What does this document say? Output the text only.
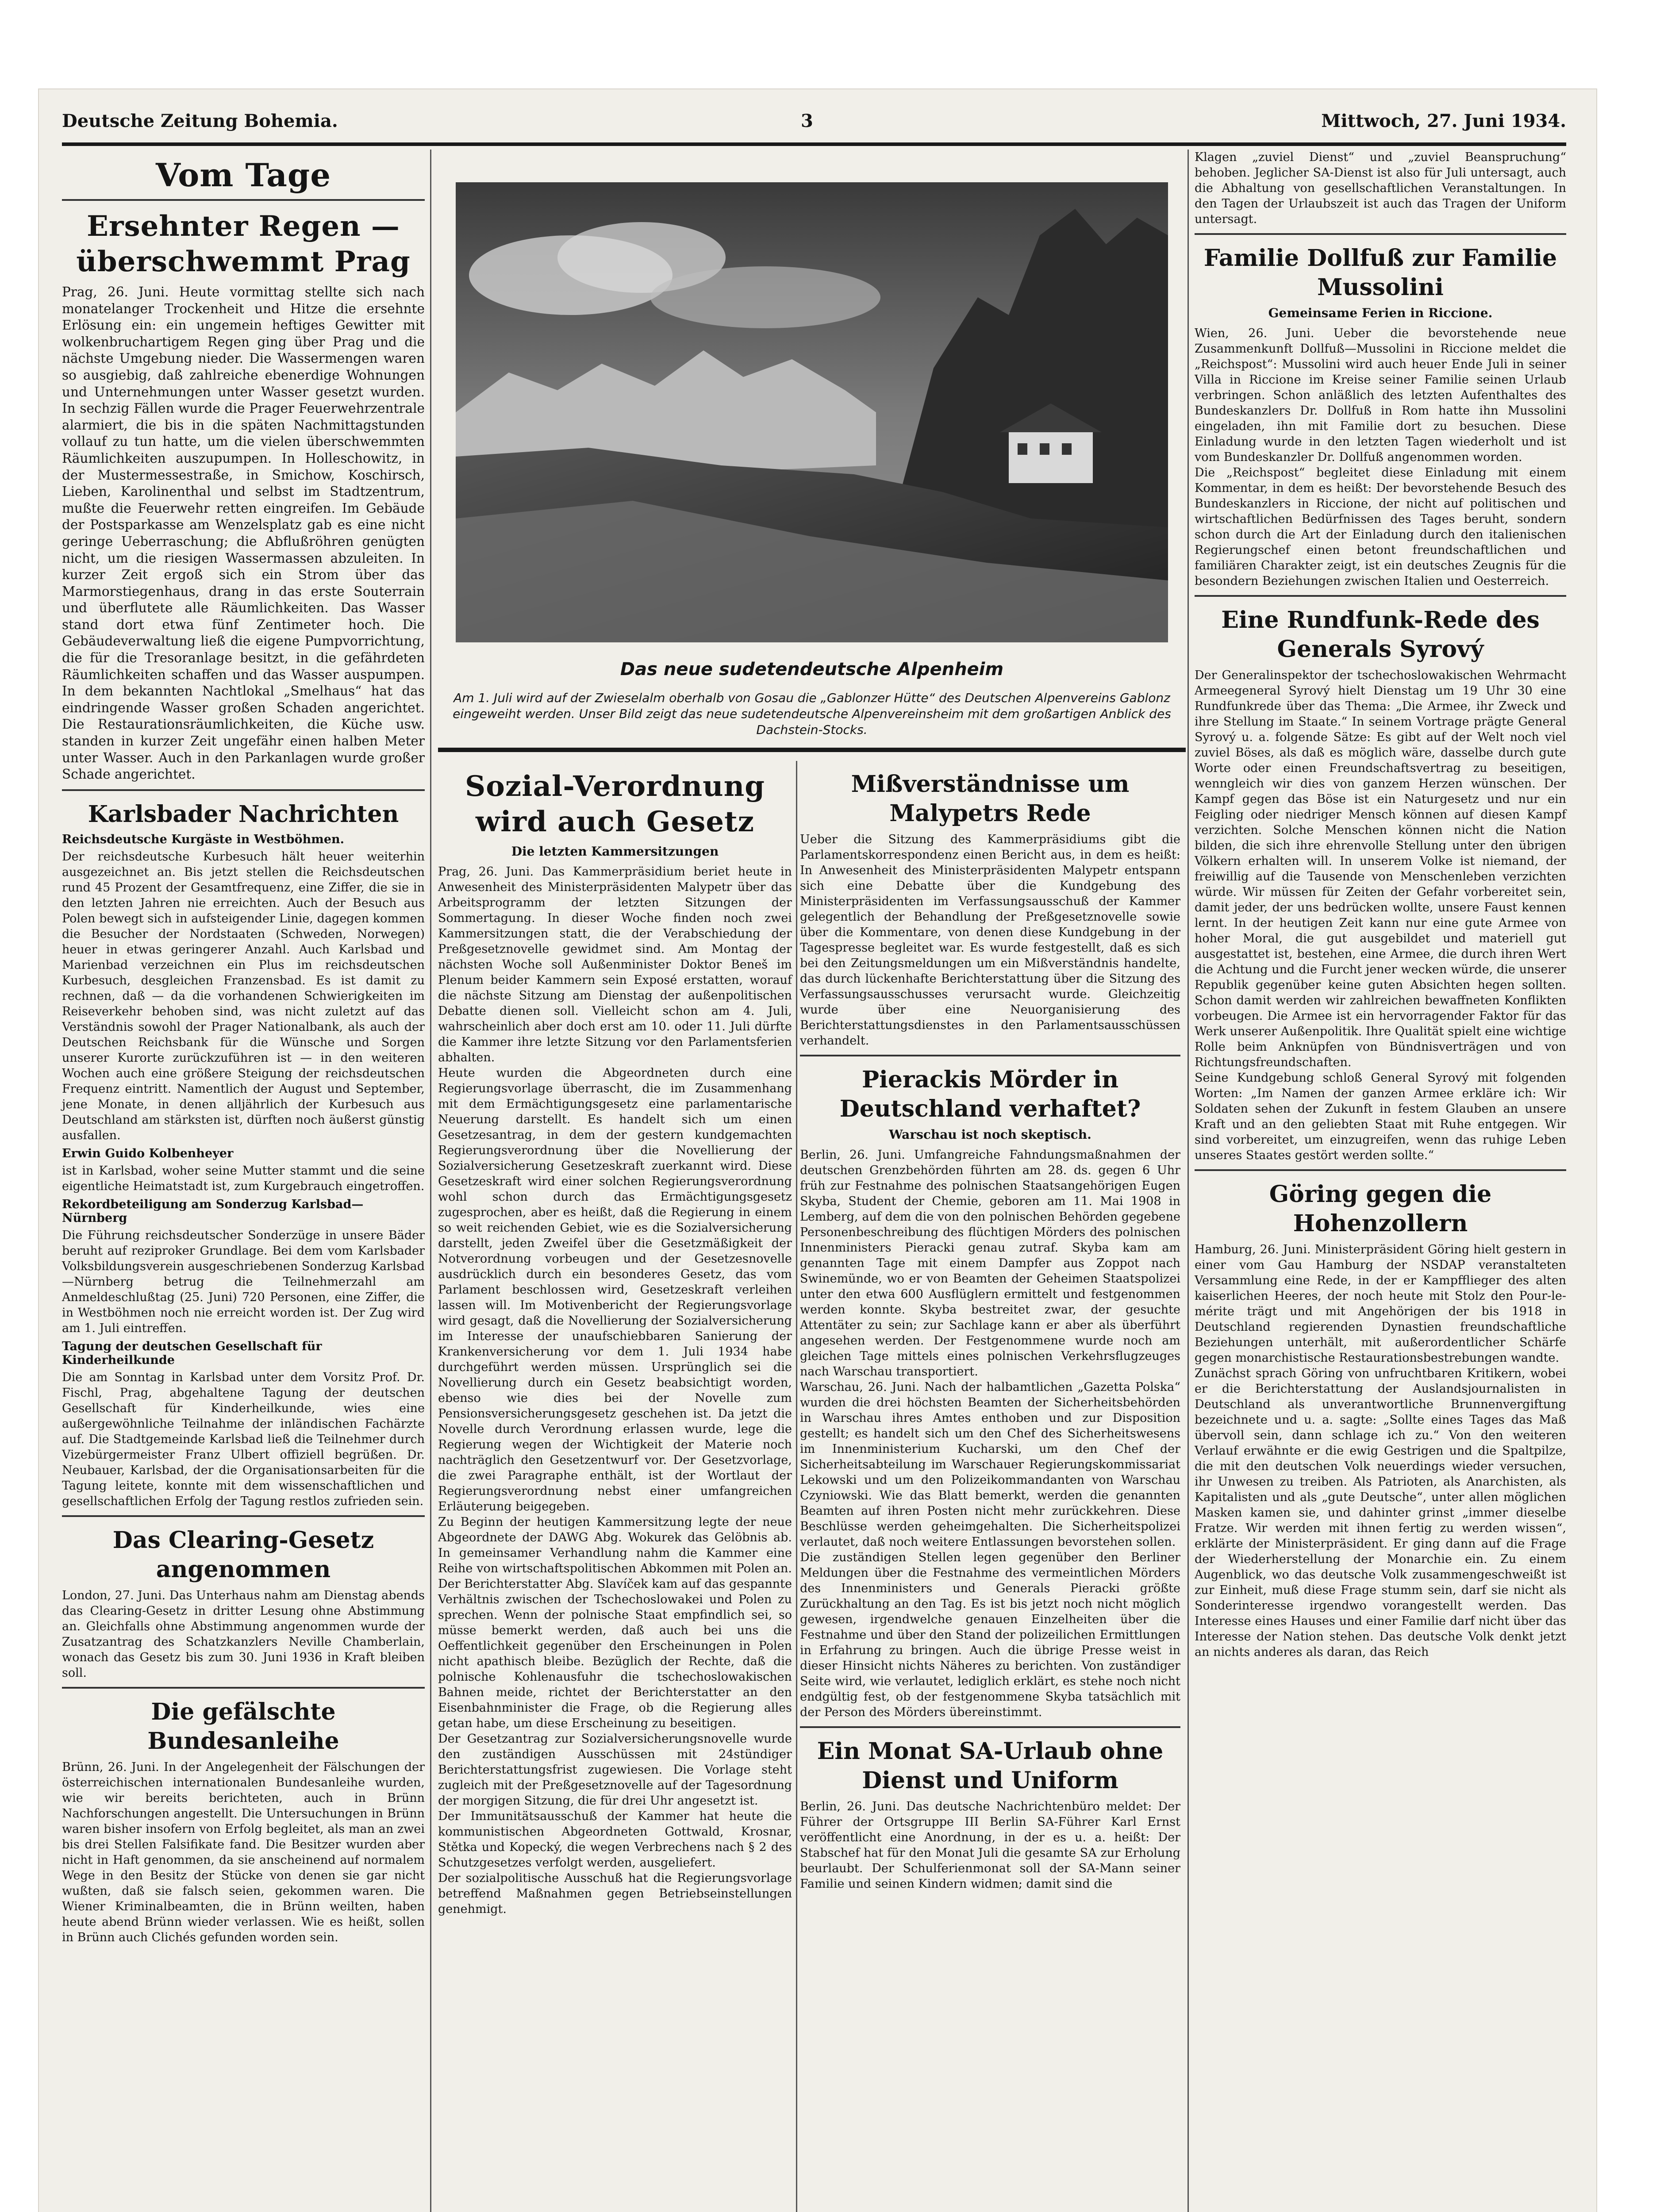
Deutsche Zeitung Bohemia.	3	Mittwoch, 27. Juni 1934.
Vom Tage
Ersehnter Regen — überschwemmt Prag

Prag, 26. Juni. Heute vormittag stellte sich nach monatelanger Trockenheit und Hitze die ersehnte Erlösung ein: ein ungemein heftiges Gewitter mit wolkenbruchartigem Regen ging über Prag und die nächste Umgebung nieder. Die Wassermengen waren so ausgiebig, daß zahlreiche ebenerdige Wohnungen und Unternehmungen unter Wasser gesetzt wurden. In sechzig Fällen wurde die Prager Feuerwehrzentrale alarmiert, die bis in die späten Nachmittagstunden vollauf zu tun hatte, um die vielen überschwemmten Räumlichkeiten auszupumpen. In Holleschowitz, in der Mustermessestraße, in Smichow, Koschirsch, Lieben, Karolinenthal und selbst im Stadtzentrum, mußte die Feuerwehr retten eingreifen. Im Gebäude der Postsparkasse am Wenzelsplatz gab es eine nicht geringe Ueberraschung; die Abflußröhren genügten nicht, um die riesigen Wassermassen abzuleiten. In kurzer Zeit ergoß sich ein Strom über das Marmorstiegenhaus, drang in das erste Souterrain und überflutete alle Räumlichkeiten. Das Wasser stand dort etwa fünf Zentimeter hoch. Die Gebäudeverwaltung ließ die eigene Pumpvorrichtung, die für die Tresoranlage besitzt, in die gefährdeten Räumlichkeiten schaffen und das Wasser auspumpen. In dem bekannten Nachtlokal „Smelhaus“ hat das eindringende Wasser großen Schaden angerichtet. Die Restaurationsräumlichkeiten, die Küche usw. standen in kurzer Zeit ungefähr einen halben Meter unter Wasser. Auch in den Parkanlagen wurde großer Schade angerichtet.

Karlsbader Nachrichten
Reichsdeutsche Kurgäste in Westböhmen.

Der reichsdeutsche Kurbesuch hält heuer weiterhin ausgezeichnet an. Bis jetzt stellen die Reichsdeutschen rund 45 Prozent der Gesamtfrequenz, eine Ziffer, die sie in den letzten Jahren nie erreichten. Auch der Besuch aus Polen bewegt sich in aufsteigender Linie, dagegen kommen die Besucher der Nordstaaten (Schweden, Norwegen) heuer in etwas geringerer Anzahl. Auch Karlsbad und Marienbad verzeichnen ein Plus im reichsdeutschen Kurbesuch, desgleichen Franzensbad. Es ist damit zu rechnen, daß — da die vorhandenen Schwierigkeiten im Reiseverkehr behoben sind, was nicht zuletzt auf das Verständnis sowohl der Prager Nationalbank, als auch der Deutschen Reichsbank für die Wünsche und Sorgen unserer Kurorte zurückzuführen ist — in den weiteren Wochen auch eine größere Steigung der reichsdeutschen Frequenz eintritt. Namentlich der August und September, jene Monate, in denen alljährlich der Kurbesuch aus Deutschland am stärksten ist, dürften noch äußerst günstig ausfallen.

Erwin Guido Kolbenheyer

ist in Karlsbad, woher seine Mutter stammt und die seine eigentliche Heimatstadt ist, zum Kurgebrauch eingetroffen.

Rekordbeteiligung am Sonderzug Karlsbad—Nürnberg

Die Führung reichsdeutscher Sonderzüge in unsere Bäder beruht auf reziproker Grundlage. Bei dem vom Karlsbader Volksbildungsverein ausgeschriebenen Sonderzug Karlsbad—Nürnberg betrug die Teilnehmerzahl am Anmeldeschlußtag (25. Juni) 720 Personen, eine Ziffer, die in Westböhmen noch nie erreicht worden ist. Der Zug wird am 1. Juli eintreffen.

Tagung der deutschen Gesellschaft für Kinderheilkunde

Die am Sonntag in Karlsbad unter dem Vorsitz Prof. Dr. Fischl, Prag, abgehaltene Tagung der deutschen Gesellschaft für Kinderheilkunde, wies eine außergewöhnliche Teilnahme der inländischen Fachärzte auf. Die Stadtgemeinde Karlsbad ließ die Teilnehmer durch Vizebürgermeister Franz Ulbert offiziell begrüßen. Dr. Neubauer, Karlsbad, der die Organisationsarbeiten für die Tagung leitete, konnte mit dem wissenschaftlichen und gesellschaftlichen Erfolg der Tagung restlos zufrieden sein.

Das Clearing-Gesetz angenommen

London, 27. Juni. Das Unterhaus nahm am Dienstag abends das Clearing-Gesetz in dritter Lesung ohne Abstimmung an. Gleichfalls ohne Abstimmung angenommen wurde der Zusatzantrag des Schatzkanzlers Neville Chamberlain, wonach das Gesetz bis zum 30. Juni 1936 in Kraft bleiben soll.

Die gefälschte Bundesanleihe

Brünn, 26. Juni. In der Angelegenheit der Fälschungen der österreichischen internationalen Bundesanleihe wurden, wie wir bereits berichteten, auch in Brünn Nachforschungen angestellt. Die Untersuchungen in Brünn waren bisher insofern von Erfolg begleitet, als man an zwei bis drei Stellen Falsifikate fand. Die Besitzer wurden aber nicht in Haft genommen, da sie anscheinend auf normalem Wege in den Besitz der Stücke von denen sie gar nicht wußten, daß sie falsch seien, gekommen waren. Die Wiener Kriminalbeamten, die in Brünn weilten, haben heute abend Brünn wieder verlassen. Wie es heißt, sollen in Brünn auch Clichés gefunden worden sein.

Das neue sudetendeutsche Alpenheim
Am 1. Juli wird auf der Zwieselalm oberhalb von Gosau die „Gablonzer Hütte“ des Deutschen Alpenvereins Gablonz eingeweiht werden. Unser Bild zeigt das neue sudetendeutsche Alpenvereinsheim mit dem großartigen Anblick des Dachstein-Stocks.
Sozial-Verordnung wird auch Gesetz
Die letzten Kammersitzungen

Prag, 26. Juni. Das Kammerpräsidium beriet heute in Anwesenheit des Ministerpräsidenten Malypetr über das Arbeitsprogramm der letzten Sitzungen der Sommertagung. In dieser Woche finden noch zwei Kammersitzungen statt, die der Verabschiedung der Preßgesetznovelle gewidmet sind. Am Montag der nächsten Woche soll Außenminister Doktor Beneš im Plenum beider Kammern sein Exposé erstatten, worauf die nächste Sitzung am Dienstag der außenpolitischen Debatte dienen soll. Vielleicht schon am 4. Juli, wahrscheinlich aber doch erst am 10. oder 11. Juli dürfte die Kammer ihre letzte Sitzung vor den Parlamentsferien abhalten.

Heute wurden die Abgeordneten durch eine Regierungsvorlage überrascht, die im Zusammenhang mit dem Ermächtigungsgesetz eine parlamentarische Neuerung darstellt. Es handelt sich um einen Gesetzesantrag, in dem der gestern kundgemachten Regierungsverordnung über die Novellierung der Sozialversicherung Gesetzeskraft zuerkannt wird. Diese Gesetzeskraft wird einer solchen Regierungsverordnung wohl schon durch das Ermächtigungsgesetz zugesprochen, aber es heißt, daß die Regierung in einem so weit reichenden Gebiet, wie es die Sozialversicherung darstellt, jeden Zweifel über die Gesetzmäßigkeit der Notverordnung vorbeugen und der Gesetzesnovelle ausdrücklich durch ein besonderes Gesetz, das vom Parlament beschlossen wird, Gesetzeskraft verleihen lassen will. Im Motivenbericht der Regierungsvorlage wird gesagt, daß die Novellierung der Sozialversicherung im Interesse der unaufschiebbaren Sanierung der Krankenversicherung vor dem 1. Juli 1934 habe durchgeführt werden müssen. Ursprünglich sei die Novellierung durch ein Gesetz beabsichtigt worden, ebenso wie dies bei der Novelle zum Pensionsversicherungsgesetz geschehen ist. Da jetzt die Novelle durch Verordnung erlassen wurde, lege die Regierung wegen der Wichtigkeit der Materie noch nachträglich den Gesetzentwurf vor. Der Gesetzvorlage, die zwei Paragraphe enthält, ist der Wortlaut der Regierungsverordnung nebst einer umfangreichen Erläuterung beigegeben.

Zu Beginn der heutigen Kammersitzung legte der neue Abgeordnete der DAWG Abg. Wokurek das Gelöbnis ab. In gemeinsamer Verhandlung nahm die Kammer eine Reihe von wirtschaftspolitischen Abkommen mit Polen an. Der Berichterstatter Abg. Slavíček kam auf das gespannte Verhältnis zwischen der Tschechoslowakei und Polen zu sprechen. Wenn der polnische Staat empfindlich sei, so müsse bemerkt werden, daß auch bei uns die Oeffentlichkeit gegenüber den Erscheinungen in Polen nicht apathisch bleibe. Bezüglich der Rechte, daß die polnische Kohlenausfuhr die tschechoslowakischen Bahnen meide, richtet der Berichterstatter an den Eisenbahnminister die Frage, ob die Regierung alles getan habe, um diese Erscheinung zu beseitigen.

Der Gesetzantrag zur Sozialversicherungsnovelle wurde den zuständigen Ausschüssen mit 24stündiger Berichterstattungsfrist zugewiesen. Die Vorlage steht zugleich mit der Preßgesetznovelle auf der Tagesordnung der morgigen Sitzung, die für drei Uhr angesetzt ist.

Der Immunitätsausschuß der Kammer hat heute die kommunistischen Abgeordneten Gottwald, Krosnar, Stětka und Kopecký, die wegen Verbrechens nach § 2 des Schutzgesetzes verfolgt werden, ausgeliefert.

Der sozialpolitische Ausschuß hat die Regierungsvorlage betreffend Maßnahmen gegen Betriebseinstellungen genehmigt.

Mißverständnisse um Malypetrs Rede

Ueber die Sitzung des Kammerpräsidiums gibt die Parlamentskorrespondenz einen Bericht aus, in dem es heißt: In Anwesenheit des Ministerpräsidenten Malypetr entspann sich eine Debatte über die Kundgebung des Ministerpräsidenten im Verfassungsausschuß der Kammer gelegentlich der Behandlung der Preßgesetznovelle sowie über die Kommentare, von denen diese Kundgebung in der Tagespresse begleitet war. Es wurde festgestellt, daß es sich bei den Zeitungsmeldungen um ein Mißverständnis handelte, das durch lückenhafte Berichterstattung über die Sitzung des Verfassungsausschusses verursacht wurde. Gleichzeitig wurde über eine Neuorganisierung des Berichterstattungsdienstes in den Parlamentsausschüssen verhandelt.

Pierackis Mörder in Deutschland verhaftet?
Warschau ist noch skeptisch.

Berlin, 26. Juni. Umfangreiche Fahndungsmaßnahmen der deutschen Grenzbehörden führten am 28. ds. gegen 6 Uhr früh zur Festnahme des polnischen Staatsangehörigen Eugen Skyba, Student der Chemie, geboren am 11. Mai 1908 in Lemberg, auf dem die von den polnischen Behörden gegebene Personenbeschreibung des flüchtigen Mörders des polnischen Innenministers Pieracki genau zutraf. Skyba kam am genannten Tage mit einem Dampfer aus Zoppot nach Swinemünde, wo er von Beamten der Geheimen Staatspolizei unter den etwa 600 Ausflüglern ermittelt und festgenommen werden konnte. Skyba bestreitet zwar, der gesuchte Attentäter zu sein; zur Sachlage kann er aber als überführt angesehen werden. Der Festgenommene wurde noch am gleichen Tage mittels eines polnischen Verkehrsflugzeuges nach Warschau transportiert.

Warschau, 26. Juni. Nach der halbamtlichen „Gazetta Polska“ wurden die drei höchsten Beamten der Sicherheitsbehörden in Warschau ihres Amtes enthoben und zur Disposition gestellt; es handelt sich um den Chef des Sicherheitswesens im Innenministerium Kucharski, um den Chef der Sicherheitsabteilung im Warschauer Regierungskommissariat Lekowski und um den Polizeikommandanten von Warschau Czyniowski. Wie das Blatt bemerkt, werden die genannten Beamten auf ihren Posten nicht mehr zurückkehren. Diese Beschlüsse werden geheimgehalten. Die Sicherheitspolizei verlautet, daß noch weitere Entlassungen bevorstehen sollen.

Die zuständigen Stellen legen gegenüber den Berliner Meldungen über die Festnahme des vermeintlichen Mörders des Innenministers und Generals Pieracki größte Zurückhaltung an den Tag. Es ist bis jetzt noch nicht möglich gewesen, irgendwelche genauen Einzelheiten über die Festnahme und über den Stand der polizeilichen Ermittlungen in Erfahrung zu bringen. Auch die übrige Presse weist in dieser Hinsicht nichts Näheres zu berichten. Von zuständiger Seite wird, wie verlautet, lediglich erklärt, es stehe noch nicht endgültig fest, ob der festgenommene Skyba tatsächlich mit der Person des Mörders übereinstimmt.

Ein Monat SA-Urlaub ohne Dienst und Uniform

Berlin, 26. Juni. Das deutsche Nachrichtenbüro meldet: Der Führer der Ortsgruppe III Berlin SA-Führer Karl Ernst veröffentlicht eine Anordnung, in der es u. a. heißt: Der Stabschef hat für den Monat Juli die gesamte SA zur Erholung beurlaubt. Der Schulferienmonat soll der SA-Mann seiner Familie und seinen Kindern widmen; damit sind die

Klagen „zuviel Dienst“ und „zuviel Beanspruchung“ behoben. Jeglicher SA-Dienst ist also für Juli untersagt, auch die Abhaltung von gesellschaftlichen Veranstaltungen. In den Tagen der Urlaubszeit ist auch das Tragen der Uniform untersagt.

Familie Dollfuß zur Familie Mussolini
Gemeinsame Ferien in Riccione.

Wien, 26. Juni. Ueber die bevorstehende neue Zusammenkunft Dollfuß—Mussolini in Riccione meldet die „Reichspost“: Mussolini wird auch heuer Ende Juli in seiner Villa in Riccione im Kreise seiner Familie seinen Urlaub verbringen. Schon anläßlich des letzten Aufenthaltes des Bundeskanzlers Dr. Dollfuß in Rom hatte ihn Mussolini eingeladen, ihn mit Familie dort zu besuchen. Diese Einladung wurde in den letzten Tagen wiederholt und ist vom Bundeskanzler Dr. Dollfuß angenommen worden.

Die „Reichspost“ begleitet diese Einladung mit einem Kommentar, in dem es heißt: Der bevorstehende Besuch des Bundeskanzlers in Riccione, der nicht auf politischen und wirtschaftlichen Bedürfnissen des Tages beruht, sondern schon durch die Art der Einladung durch den italienischen Regierungschef einen betont freundschaftlichen und familiären Charakter zeigt, ist ein deutsches Zeugnis für die besondern Beziehungen zwischen Italien und Oesterreich.

Eine Rundfunk-Rede des Generals Syrový

Der Generalinspektor der tschechoslowakischen Wehrmacht Armeegeneral Syrový hielt Dienstag um 19 Uhr 30 eine Rundfunkrede über das Thema: „Die Armee, ihr Zweck und ihre Stellung im Staate.“ In seinem Vortrage prägte General Syrový u. a. folgende Sätze: Es gibt auf der Welt noch viel zuviel Böses, als daß es möglich wäre, dasselbe durch gute Worte oder einen Freundschaftsvertrag zu beseitigen, wenngleich wir dies von ganzem Herzen wünschen. Der Kampf gegen das Böse ist ein Naturgesetz und nur ein Feigling oder niedriger Mensch können auf diesen Kampf verzichten. Solche Menschen können nicht die Nation bilden, die sich ihre ehrenvolle Stellung unter den übrigen Völkern erhalten will. In unserem Volke ist niemand, der freiwillig auf die Tausende von Menschenleben verzichten würde. Wir müssen für Zeiten der Gefahr vorbereitet sein, damit jeder, der uns bedrücken wollte, unsere Faust kennen lernt. In der heutigen Zeit kann nur eine gute Armee von hoher Moral, die gut ausgebildet und materiell gut ausgestattet ist, bestehen, eine Armee, die durch ihren Wert die Achtung und die Furcht jener wecken würde, die unserer Republik gegenüber keine guten Absichten hegen sollten. Schon damit werden wir zahlreichen bewaffneten Konflikten vorbeugen. Die Armee ist ein hervorragender Faktor für das Werk unserer Außenpolitik. Ihre Qualität spielt eine wichtige Rolle beim Anknüpfen von Bündnisverträgen und von Richtungsfreundschaften.

Seine Kundgebung schloß General Syrový mit folgenden Worten: „Im Namen der ganzen Armee erkläre ich: Wir Soldaten sehen der Zukunft in festem Glauben an unsere Kraft und an den geliebten Staat mit Ruhe entgegen. Wir sind vorbereitet, um einzugreifen, wenn das ruhige Leben unseres Staates gestört werden sollte.“

Göring gegen die Hohenzollern

Hamburg, 26. Juni. Ministerpräsident Göring hielt gestern in einer vom Gau Hamburg der NSDAP veranstalteten Versammlung eine Rede, in der er Kampfflieger des alten kaiserlichen Heeres, der noch heute mit Stolz den Pour-le-mérite trägt und mit Angehörigen der bis 1918 in Deutschland regierenden Dynastien freundschaftliche Beziehungen unterhält, mit außerordentlicher Schärfe gegen monarchistische Restaurationsbestrebungen wandte.

Zunächst sprach Göring von unfruchtbaren Kritikern, wobei er die Berichterstattung der Auslandsjournalisten in Deutschland als unverantwortliche Brunnenvergiftung bezeichnete und u. a. sagte: „Sollte eines Tages das Maß übervoll sein, dann schlage ich zu.“ Von den weiteren Verlauf erwähnte er die ewig Gestrigen und die Spaltpilze, die mit den deutschen Volk neuerdings wieder versuchen, ihr Unwesen zu treiben. Als Patrioten, als Anarchisten, als Kapitalisten und als „gute Deutsche“, unter allen möglichen Masken kamen sie, und dahinter grinst „immer dieselbe Fratze. Wir werden mit ihnen fertig zu werden wissen“, erklärte der Ministerpräsident. Er ging dann auf die Frage der Wiederherstellung der Monarchie ein. Zu einem Augenblick, wo das deutsche Volk zusammengeschweißt ist zur Einheit, muß diese Frage stumm sein, darf sie nicht als Sonderinteresse irgendwo vorangestellt werden. Das Interesse eines Hauses und einer Familie darf nicht über das Interesse der Nation stehen. Das deutsche Volk denkt jetzt an nichts anderes als daran, das Reich
